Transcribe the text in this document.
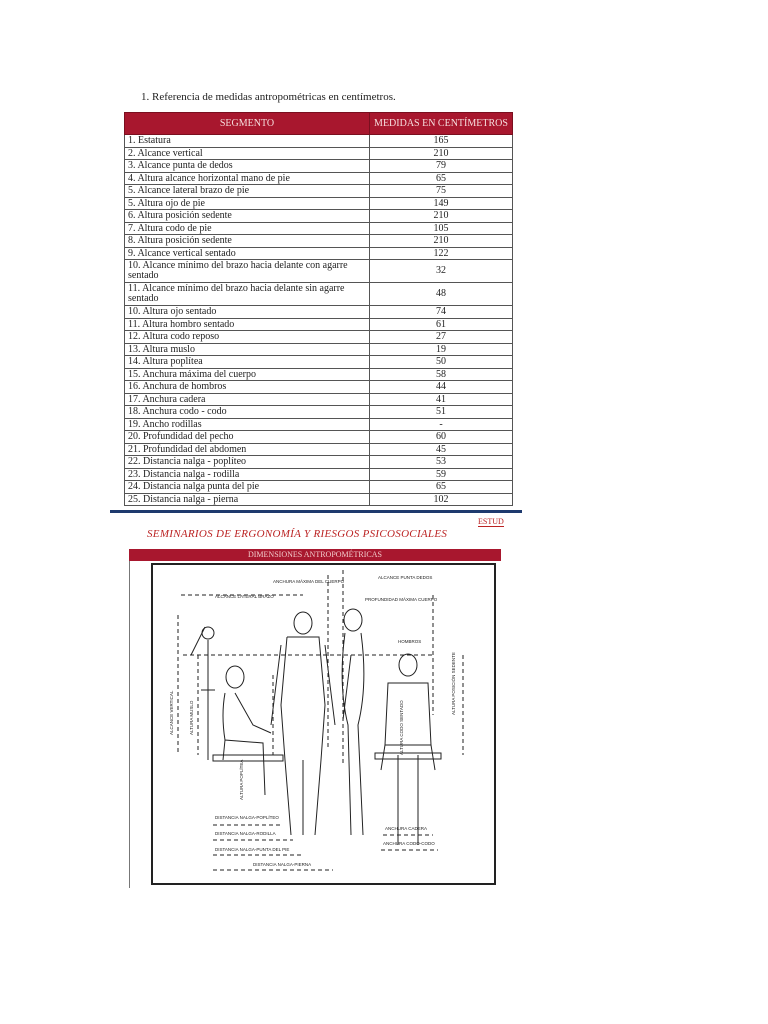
1. Referencia de medidas antropométricas en centímetros.
SEGMENTO	MEDIDAS EN CENTÍMETROS
1. Estatura	165
2. Alcance vertical	210
3. Alcance punta de dedos	79
4. Altura alcance horizontal mano de pie	65
5. Alcance lateral brazo de pie	75
5. Altura ojo de pie	149
6. Altura posición sedente	210
7. Altura codo de pie	105
8. Altura posición sedente	210
9. Alcance vertical sentado	122
10. Alcance mínimo del brazo hacia delante con agarre sentado	32
11. Alcance mínimo del brazo hacia delante sin agarre sentado	48
10. Altura ojo sentado	74
11. Altura hombro sentado	61
12. Altura codo reposo	27
13. Altura muslo	19
14. Altura poplítea	50
15. Anchura máxima del cuerpo	58
16. Anchura de hombros	44
17. Anchura cadera	41
18. Anchura codo - codo	51
19. Ancho rodillas	-
20. Profundidad del pecho	60
21. Profundidad del abdomen	45
22. Distancia nalga - poplíteo	53
23. Distancia nalga - rodilla	59
24. Distancia nalga punta del pie	65
25. Distancia nalga - pierna	102
SEMINARIOS DE ERGONOMÍA Y RIESGOS PSICOSOCIALES
ESTUD
DIMENSIONES ANTROPOMÉTRICAS
ANCHURA MÁXIMA DEL CUERPO
ALCANCE PUNTA DEDOS
ALCANCE LATERAL BRAZO
PROFUNDIDAD MÁXIMA CUERPO
HOMBROS
DISTANCIA NALGA-POPLÍTEO
DISTANCIA NALGA-RODILLA
DISTANCIA NALGA-PUNTA DEL PIE
DISTANCIA NALGA-PIERNA
ANCHURA CADERA
ANCHURA CODO-CODO
ALTURA POSICIÓN SEDENTE
ALCANCE VERTICAL	ALTURA MUSLO
ALTURA POPLÍTEA
ALTURA CODO SENTADO
